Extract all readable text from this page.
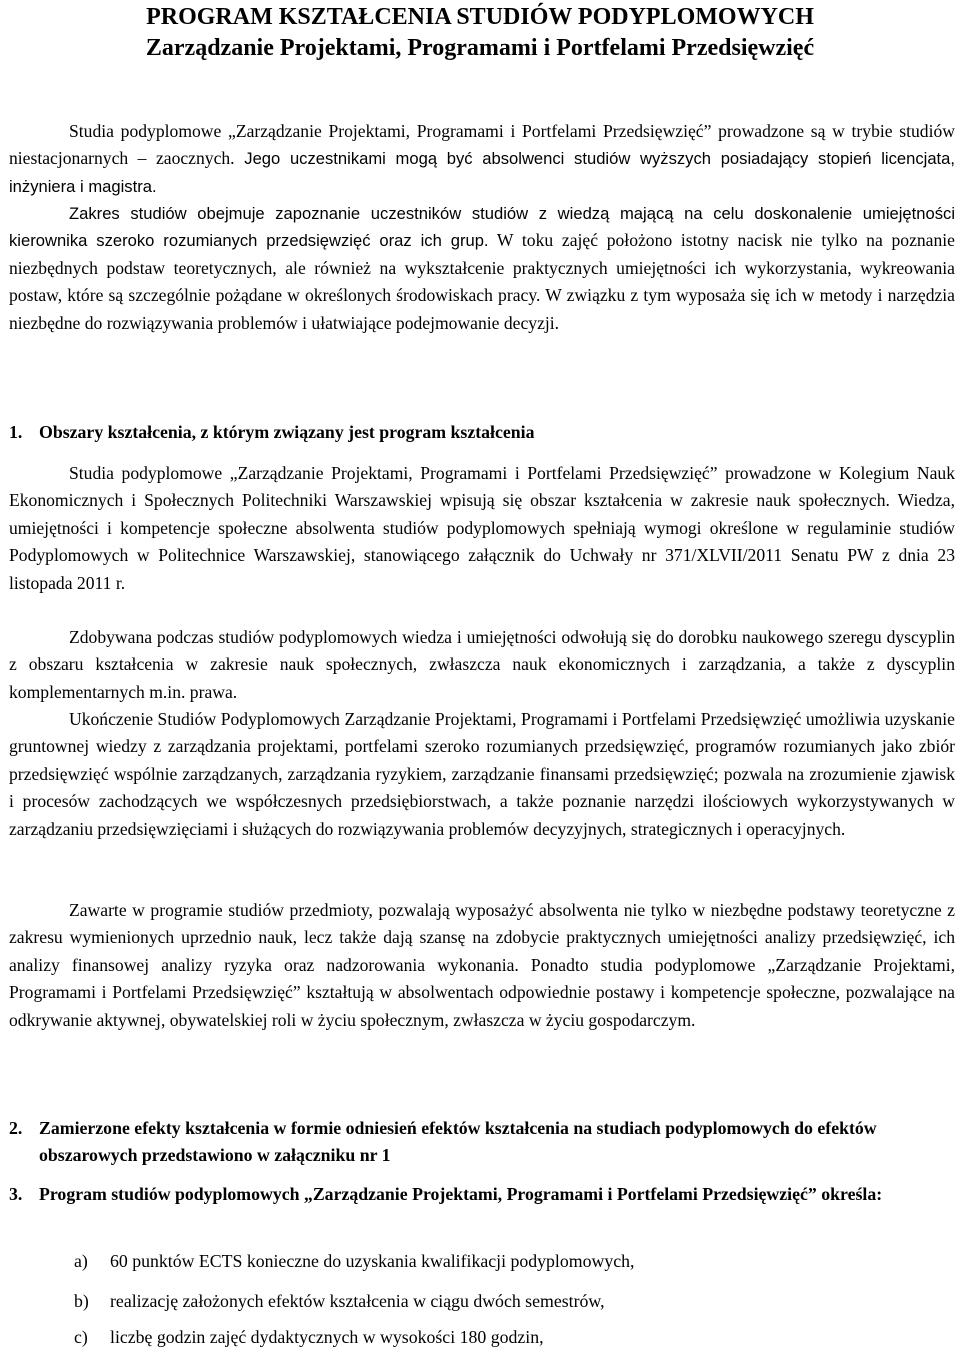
PROGRAM KSZTAŁCENIA STUDIÓW PODYPLOMOWYCH
Zarządzanie Projektami, Programami i Portfelami Przedsięwzięć

Studia podyplomowe „Zarządzanie Projektami, Programami i Portfelami Przedsięwzięć” prowadzone są w trybie studiów niestacjonarnych – zaocznych. Jego uczestnikami mogą być absolwenci studiów wyższych posiadający stopień licencjata, inżyniera i magistra.

Zakres studiów obejmuje zapoznanie uczestników studiów z wiedzą mającą na celu doskonalenie umiejętności kierownika szeroko rozumianych przedsięwzięć oraz ich grup. W toku zajęć położono istotny nacisk nie tylko na poznanie niezbędnych podstaw teoretycznych, ale również na wykształcenie praktycznych umiejętności ich wykorzystania, wykreowania postaw, które są szczególnie pożądane w określonych środowiskach pracy. W związku z tym wyposaża się ich w metody i narzędzia niezbędne do rozwiązywania problemów i ułatwiające podejmowanie decyzji.

1. Obszary kształcenia, z którym związany jest program kształcenia

Studia podyplomowe „Zarządzanie Projektami, Programami i Portfelami Przedsięwzięć” prowadzone w Kolegium Nauk Ekonomicznych i Społecznych Politechniki Warszawskiej wpisują się obszar kształcenia w zakresie nauk społecznych. Wiedza, umiejętności i kompetencje społeczne absolwenta studiów podyplomowych spełniają wymogi określone w regulaminie studiów Podyplomowych w Politechnice Warszawskiej, stanowiącego załącznik do Uchwały nr 371/XLVII/2011 Senatu PW z dnia 23 listopada 2011 r.

Zdobywana podczas studiów podyplomowych wiedza i umiejętności odwołują się do dorobku naukowego szeregu dyscyplin z obszaru kształcenia w zakresie nauk społecznych, zwłaszcza nauk ekonomicznych i zarządzania, a także z dyscyplin komplementarnych m.in. prawa.

Ukończenie Studiów Podyplomowych Zarządzanie Projektami, Programami i Portfelami Przedsięwzięć umożliwia uzyskanie gruntownej wiedzy z zarządzania projektami, portfelami szeroko rozumianych przedsięwzięć, programów rozumianych jako zbiór przedsięwzięć wspólnie zarządzanych, zarządzania ryzykiem, zarządzanie finansami przedsięwzięć; pozwala na zrozumienie zjawisk i procesów zachodzących we współczesnych przedsiębiorstwach, a także poznanie narzędzi ilościowych wykorzystywanych w zarządzaniu przedsięwzięciami i służących do rozwiązywania problemów decyzyjnych, strategicznych i operacyjnych.

Zawarte w programie studiów przedmioty, pozwalają wyposażyć absolwenta nie tylko w niezbędne podstawy teoretyczne z zakresu wymienionych uprzednio nauk, lecz także dają szansę na zdobycie praktycznych umiejętności analizy przedsięwzięć, ich analizy finansowej analizy ryzyka oraz nadzorowania wykonania. Ponadto studia podyplomowe „Zarządzanie Projektami, Programami i Portfelami Przedsięwzięć” kształtują w absolwentach odpowiednie postawy i kompetencje społeczne, pozwalające na odkrywanie aktywnej, obywatelskiej roli w życiu społecznym, zwłaszcza w życiu gospodarczym.

2. Zamierzone efekty kształcenia w formie odniesień efektów kształcenia na studiach podyplomowych do efektów obszarowych przedstawiono w załączniku nr 1
3. Program studiów podyplomowych „Zarządzanie Projektami, Programami i Portfelami Przedsięwzięć” określa:
a) 60 punktów ECTS konieczne do uzyskania kwalifikacji podyplomowych,
b) realizację założonych efektów kształcenia w ciągu dwóch semestrów,
c) liczbę godzin zajęć dydaktycznych w wysokości 180 godzin,
